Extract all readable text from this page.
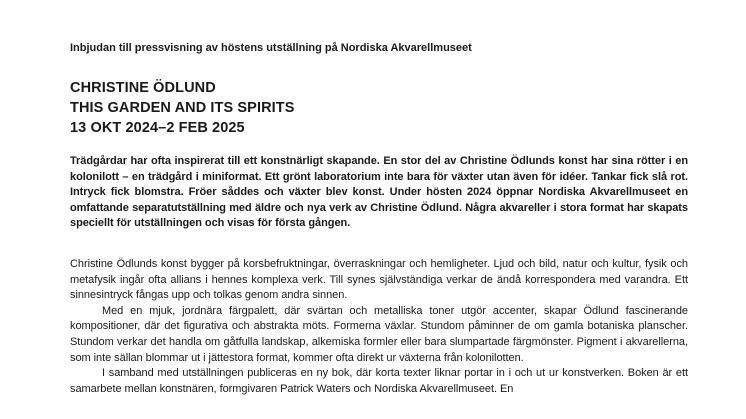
Inbjudan till pressvisning av höstens utställning på Nordiska Akvarellmuseet
CHRISTINE ÖDLUND
THIS GARDEN AND ITS SPIRITS
13 OKT 2024–2 FEB 2025
Trädgårdar har ofta inspirerat till ett konstnärligt skapande. En stor del av Christine Ödlunds konst har sina rötter i en kolonilott – en trädgård i miniformat. Ett grönt laboratorium inte bara för växter utan även för idéer. Tankar fick slå rot. Intryck fick blomstra. Fröer såddes och växter blev konst. Under hösten 2024 öppnar Nordiska Akvarellmuseet en omfattande separatutställning med äldre och nya verk av Christine Ödlund. Några akvareller i stora format har skapats speciellt för utställningen och visas för första gången.

Christine Ödlunds konst bygger på korsbefruktningar, överraskningar och hemligheter. Ljud och bild, natur och kultur, fysik och metafysik ingår ofta allians i hennes komplexa verk. Till synes självständiga verkar de ändå korrespondera med varandra. Ett sinnesintryck fångas upp och tolkas genom andra sinnen.

Med en mjuk, jordnära färgpalett, där svärtan och metalliska toner utgör accenter, skapar Ödlund fascinerande kompositioner, där det figurativa och abstrakta möts. Formerna växlar. Stundom påminner de om gamla botaniska planscher. Stundom verkar det handla om gåtfulla landskap, alkemiska formler eller bara slumpartade färgmönster. Pigment i akvarellerna, som inte sällan blommar ut i jättestora format, kommer ofta direkt ur växterna från kolonilotten.

I samband med utställningen publiceras en ny bok, där korta texter liknar portar in i och ut ur konstverken. Boken är ett samarbete mellan konstnären, formgivaren Patrick Waters och Nordiska Akvarellmuseet. En
